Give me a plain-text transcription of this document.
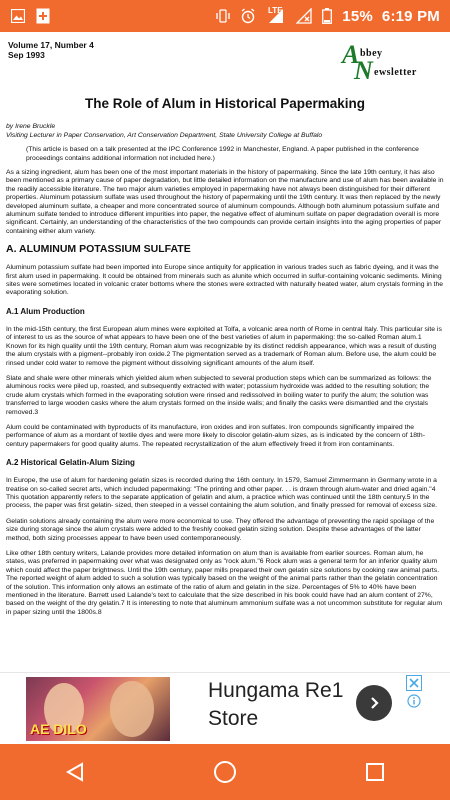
LTE	15% 6:19 PM
Volume 17, Number 4
Sep 1993	A bbey
N ewsletter
The Role of Alum in Historical Papermaking
by Irene Bruckle
Visiting Lecturer in Paper Conservation, Art Conservation Department, State University College at Buffalo

(This article is based on a talk presented at the IPC Conference 1992 in Manchester, England. A paper published in the conference proceedings contains additional information not included here.)

As a sizing ingredient, alum has been one of the most important materials in the history of papermaking. Since the late 19th century, it has also been mentioned as a primary cause of paper degradation, but little detailed information on the manufacture and use of alum has been available in the readily accessible literature. The two major alum varieties employed in papermaking have not always been distinguished for their different properties. Aluminum potassium sulfate was used throughout the history of papermaking until the 19th century. It was then replaced by the newly developed aluminum sulfate, a cheaper and more concentrated source of aluminum compounds. Although both aluminum potassium sulfate and aluminum sulfate tended to introduce different impurities into paper, the negative effect of aluminum sulfate on paper degradation overall is more significant. Certainly, an understanding of the characteristics of the two compounds can provide certain insights into the aging properties of paper containing either alum variety.

A. ALUMINUM POTASSIUM SULFATE

Aluminum potassium sulfate had been imported into Europe since antiquity for application in various trades such as fabric dyeing, and it was the first alum used in papermaking. It could be obtained from minerals such as alunite which occurred in sulfur-containing volcanic sediments. Mining sites were sometimes located in volcanic crater bottoms where the stones were extracted with naturally heated water, alum crystals forming in the evaporating solution.

A.1 Alum Production

In the mid-15th century, the first European alum mines were exploited at Tolfa, a volcanic area north of Rome in central Italy. This particular site is of interest to us as the source of what appears to have been one of the best varieties of alum in papermaking: the so-called Roman alum.1 Known for its high quality until the 19th century, Roman alum was recognizable by its distinct reddish appearance, which was a result of dusting the alum crystals with a pigment--probably iron oxide.2 The pigmentation served as a trademark of Roman alum. Before use, the alum could be rinsed under cold water to remove the pigment without dissolving significant amounts of the alum itself.

Slate and shale were other minerals which yielded alum when subjected to several production steps which can be summarized as follows: the aluminous rocks were piled up, roasted, and subsequently extracted with water; potassium hydroxide was added to the resulting solution; the crude alum crystals which formed in the evaporating solution were rinsed and redissolved in boiling water to purify the alum; the solution was transferred to large wooden casks where the alum crystals formed on the inside walls; and finally the casks were dismantled and the crystals removed.3

Alum could be contaminated with byproducts of its manufacture, iron oxides and iron sulfates. Iron compounds significantly impaired the performance of alum as a mordant of textile dyes and were more likely to discolor gelatin-alum sizes, as is indicated by the concern of 18th-century papermakers for good quality alums. The repeated recrystallization of the alum effectively freed it from iron contaminants.

A.2 Historical Gelatin-Alum Sizing

In Europe, the use of alum for hardening gelatin sizes is recorded during the 16th century. In 1579, Samuel Zimmermann in Germany wrote in a treatise on so-called secret arts, which included papermaking: "The printing and other paper. . . is drawn through alum-water and dried again."4 This quotation apparently refers to the separate application of gelatin and alum, a practice which was continued until the 18th century.5 In the process, the paper was first gelatin- sized, then steeped in a vessel containing the alum solution, and finally pressed for removal of excess size.

Gelatin solutions already containing the alum were more economical to use. They offered the advantage of preventing the rapid spoilage of the size during storage since the alum crystals were added to the freshly cooked gelatin sizing solution. Despite these advantages of the latter method, both sizing processes appear to have been used contemporaneously.

Like other 18th century writers, Lalande provides more detailed information on alum than is available from earlier sources. Roman alum, he states, was preferred in papermaking over what was designated only as "rock alum."6 Rock alum was a general term for an inferior quality alum which could affect the paper brightness. Until the 19th century, paper mills prepared their own gelatin size solutions by cooking raw animal parts. The reported weight of alum added to such a solution was typically based on the weight of the animal parts rather than the gelatin concentration of the solution. This information only allows an estimate of the ratio of alum and gelatin in the size. Percentages of 5% to 40% have been mentioned in the literature. Barrett used Lalande's text to calculate that the size described in his book could have had an alum content of 27%, based on the weight of the dry gelatin.7 It is interesting to note that aluminum ammonium sulfate was a not uncommon substitute for regular alum in paper sizing until the 1800s.8

AE DILO
Hungama Re1
Store
